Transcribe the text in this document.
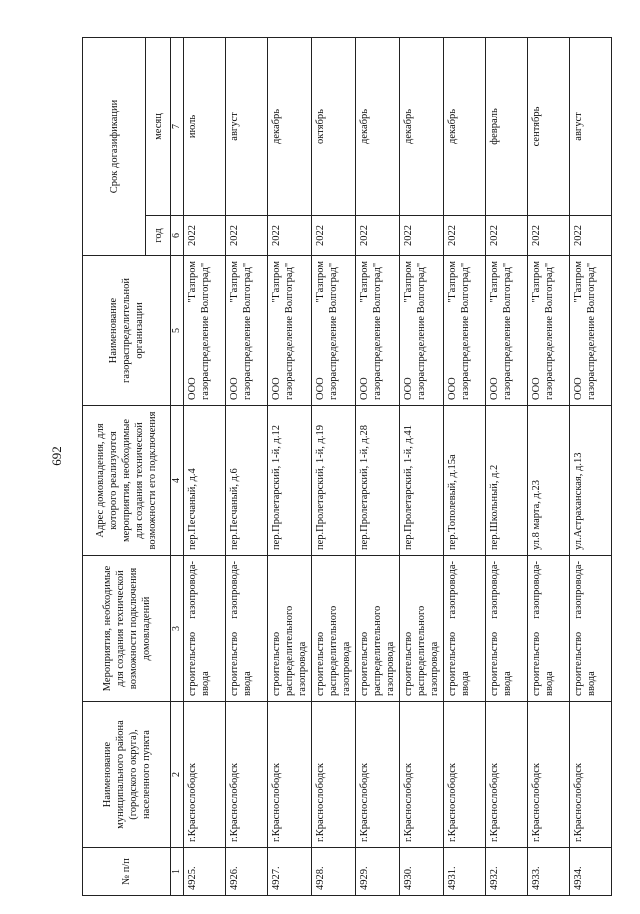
692
№ п/п	Наименование муниципального района (городского округа), населенного пункта	Мероприятия, необходимые для создания технической возможности подключения домовладений	Адрес домовладения, для которого реализуются мероприятия, необходимые для создания технической возможности его подключения	Наименование газораспределительной организации	Срок догазификации	
					год	месяц
1	2	3	4	5	6	7
4925.	г.Краснослободск	строительство газопровода-ввода	пер.Песчаный, д.4	ООО "Газпром газораспределение Волгоград"	2022	июль
4926.	г.Краснослободск	строительство газопровода-ввода	пер.Песчаный, д.6	ООО "Газпром газораспределение Волгоград"	2022	август
4927.	г.Краснослободск	строительство распределительного газопровода	пер.Пролетарский, 1-й, д.12	ООО "Газпром газораспределение Волгоград"	2022	декабрь
4928.	г.Краснослободск	строительство распределительного газопровода	пер.Пролетарский, 1-й, д.19	ООО "Газпром газораспределение Волгоград"	2022	октябрь
4929.	г.Краснослободск	строительство распределительного газопровода	пер.Пролетарский, 1-й, д.28	ООО "Газпром газораспределение Волгоград"	2022	декабрь
4930.	г.Краснослободск	строительство распределительного газопровода	пер.Пролетарский, 1-й, д.41	ООО "Газпром газораспределение Волгоград"	2022	декабрь
4931.	г.Краснослободск	строительство газопровода-ввода	пер.Тополевый, д.15а	ООО "Газпром газораспределение Волгоград"	2022	декабрь
4932.	г.Краснослободск	строительство газопровода-ввода	пер.Школьный, д.2	ООО "Газпром газораспределение Волгоград"	2022	февраль
4933.	г.Краснослободск	строительство газопровода-ввода	ул.8 марта, д.23	ООО "Газпром газораспределение Волгоград"	2022	сентябрь
4934.	г.Краснослободск	строительство газопровода-ввода	ул.Астраханская, д.13	ООО "Газпром газораспределение Волгоград"	2022	август
